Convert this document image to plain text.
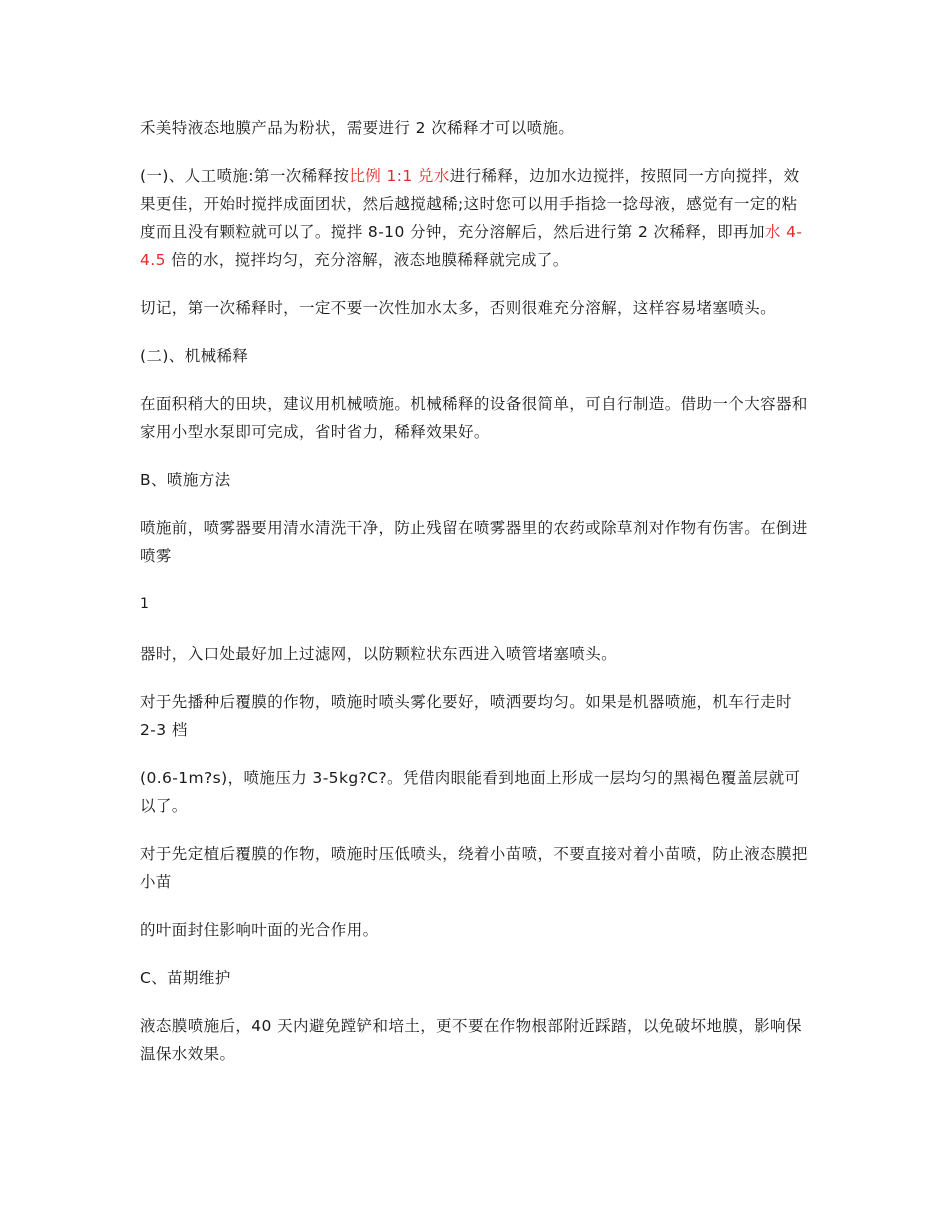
禾美特液态地膜产品为粉状，需要进行 2 次稀释才可以喷施。

(一)、人工喷施:第一次稀释按比例 1:1 兑水进行稀释，边加水边搅拌，按照同一方向搅拌，效果更佳，开始时搅拌成面团状，然后越搅越稀;这时您可以用手指捻一捻母液，感觉有一定的粘度而且没有颗粒就可以了。搅拌 8-10 分钟，充分溶解后，然后进行第 2 次稀释，即再加水 4-4.5 倍的水，搅拌均匀，充分溶解，液态地膜稀释就完成了。

切记，第一次稀释时，一定不要一次性加水太多，否则很难充分溶解，这样容易堵塞喷头。

(二)、机械稀释

在面积稍大的田块，建议用机械喷施。机械稀释的设备很简单，可自行制造。借助一个大容器和家用小型水泵即可完成，省时省力，稀释效果好。

B、喷施方法

喷施前，喷雾器要用清水清洗干净，防止残留在喷雾器里的农药或除草剂对作物有伤害。在倒进喷雾

1

器时，入口处最好加上过滤网，以防颗粒状东西进入喷管堵塞喷头。

对于先播种后覆膜的作物，喷施时喷头雾化要好，喷洒要均匀。如果是机器喷施，机车行走时 2-3 档

(0.6-1m?s)，喷施压力 3-5kg?C?。凭借肉眼能看到地面上形成一层均匀的黑褐色覆盖层就可以了。

对于先定植后覆膜的作物，喷施时压低喷头，绕着小苗喷，不要直接对着小苗喷，防止液态膜把小苗

的叶面封住影响叶面的光合作用。

C、苗期维护

液态膜喷施后，40 天内避免蹚铲和培土，更不要在作物根部附近踩踏，以免破坏地膜，影响保温保水效果。
